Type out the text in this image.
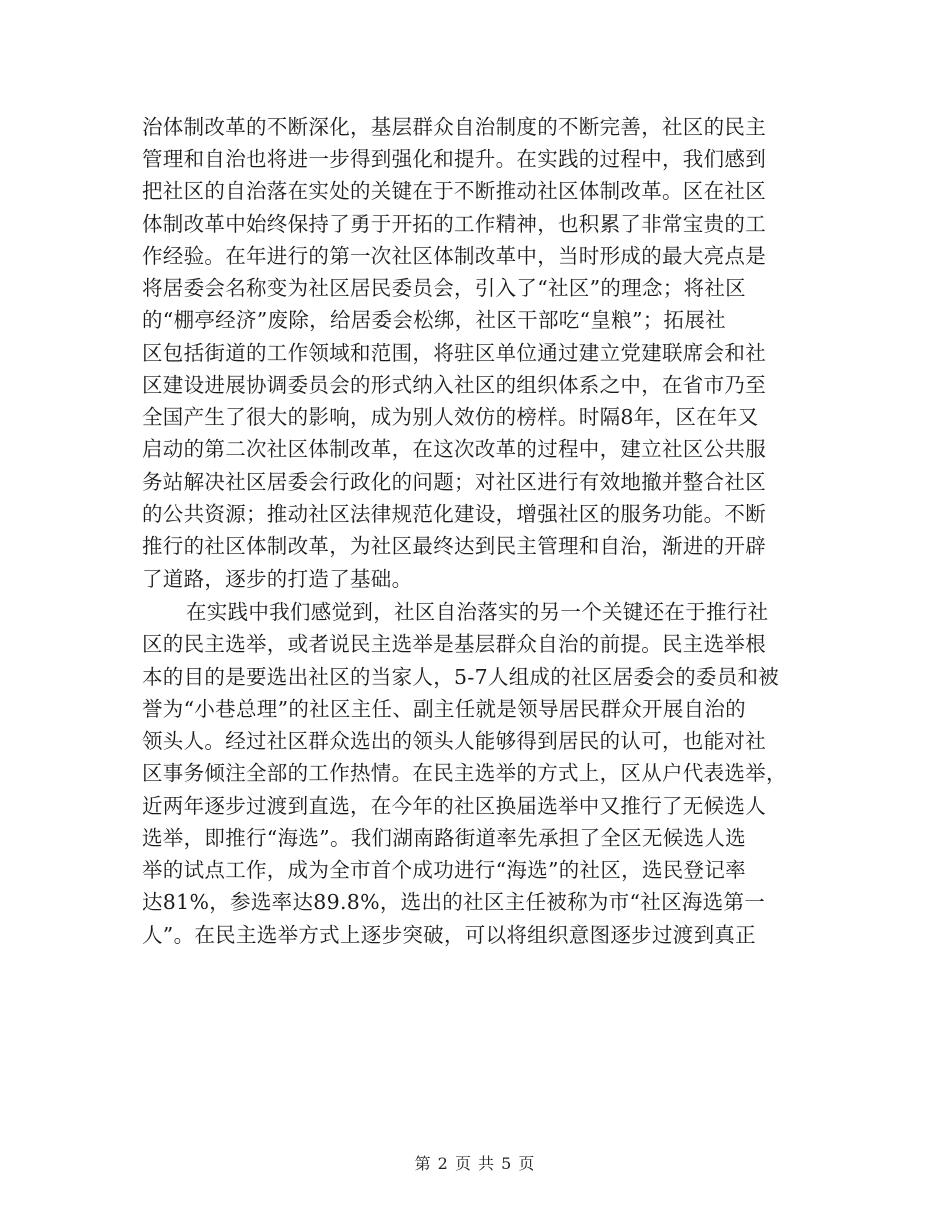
治体制改革的不断深化，基层群众自治制度的不断完善，社区的民主
管理和自治也将进一步得到强化和提升。在实践的过程中，我们感到
把社区的自治落在实处的关键在于不断推动社区体制改革。区在社区
体制改革中始终保持了勇于开拓的工作精神，也积累了非常宝贵的工
作经验。在年进行的第一次社区体制改革中，当时形成的最大亮点是
将居委会名称变为社区居民委员会，引入了“社区”的理念；将社区
的“棚亭经济”废除，给居委会松绑，社区干部吃“皇粮”；拓展社
区包括街道的工作领域和范围，将驻区单位通过建立党建联席会和社
区建设进展协调委员会的形式纳入社区的组织体系之中，在省市乃至
全国产生了很大的影响，成为别人效仿的榜样。时隔8年，区在年又
启动的第二次社区体制改革，在这次改革的过程中，建立社区公共服
务站解决社区居委会行政化的问题；对社区进行有效地撤并整合社区
的公共资源；推动社区法律规范化建设，增强社区的服务功能。不断
推行的社区体制改革，为社区最终达到民主管理和自治，渐进的开辟
了道路，逐步的打造了基础。
在实践中我们感觉到，社区自治落实的另一个关键还在于推行社
区的民主选举，或者说民主选举是基层群众自治的前提。民主选举根
本的目的是要选出社区的当家人，5-7人组成的社区居委会的委员和被
誉为“小巷总理”的社区主任、副主任就是领导居民群众开展自治的
领头人。经过社区群众选出的领头人能够得到居民的认可，也能对社
区事务倾注全部的工作热情。在民主选举的方式上，区从户代表选举，
近两年逐步过渡到直选，在今年的社区换届选举中又推行了无候选人
选举，即推行“海选”。我们湖南路街道率先承担了全区无候选人选
举的试点工作，成为全市首个成功进行“海选”的社区，选民登记率
达81%，参选率达89.8%，选出的社区主任被称为市“社区海选第一
人”。在民主选举方式上逐步突破，可以将组织意图逐步过渡到真正
第 2 页 共 5 页
